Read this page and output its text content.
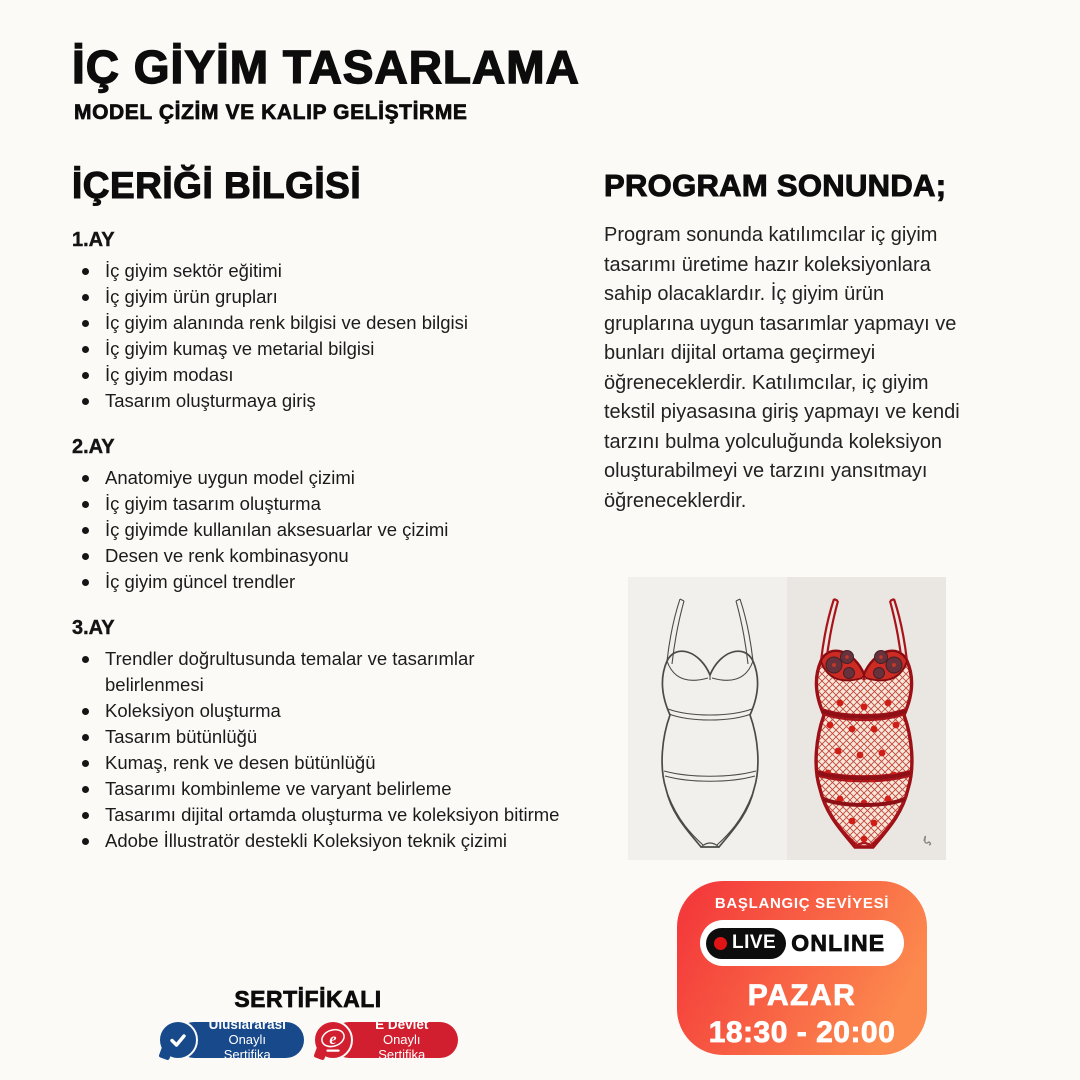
İÇ GİYİM TASARLAMA
MODEL ÇİZİM VE KALIP GELİŞTİRME
İÇERİĞİ BİLGİSİ
1.AY
İç giyim sektör eğitimi
İç giyim ürün grupları
İç giyim alanında renk bilgisi ve desen bilgisi
İç giyim kumaş ve metarial bilgisi
İç giyim modası
Tasarım oluşturmaya giriş
2.AY
Anatomiye uygun model çizimi
İç giyim tasarım oluşturma
İç giyimde kullanılan aksesuarlar ve çizimi
Desen ve renk kombinasyonu
İç giyim güncel trendler
3.AY
Trendler doğrultusunda temalar ve tasarımlar belirlenmesi
Koleksiyon oluşturma
Tasarım bütünlüğü
Kumaş, renk ve desen bütünlüğü
Tasarımı kombinleme ve varyant belirleme
Tasarımı dijital ortamda oluşturma ve koleksiyon bitirme
Adobe İllustratör destekli Koleksiyon teknik çizimi
PROGRAM SONUNDA;
Program sonunda katılımcılar iç giyim tasarımı üretime hazır koleksiyonlara sahip olacaklardır. İç giyim ürün gruplarına uygun tasarımlar yapmayı ve bunları dijital ortama geçirmeyi öğreneceklerdir. Katılımcılar, iç giyim tekstil piyasasına giriş yapmayı ve kendi tarzını bulma yolculuğunda koleksiyon oluşturabilmeyi ve tarzını yansıtmayı öğreneceklerdir.
BAŞLANGIÇ SEVİYESİ
LIVE ONLINE
PAZAR
18:30 - 20:00
SERTİFİKALI
Uluslararası
Onaylı Sertifika
e
E Devlet
Onaylı Sertifika
